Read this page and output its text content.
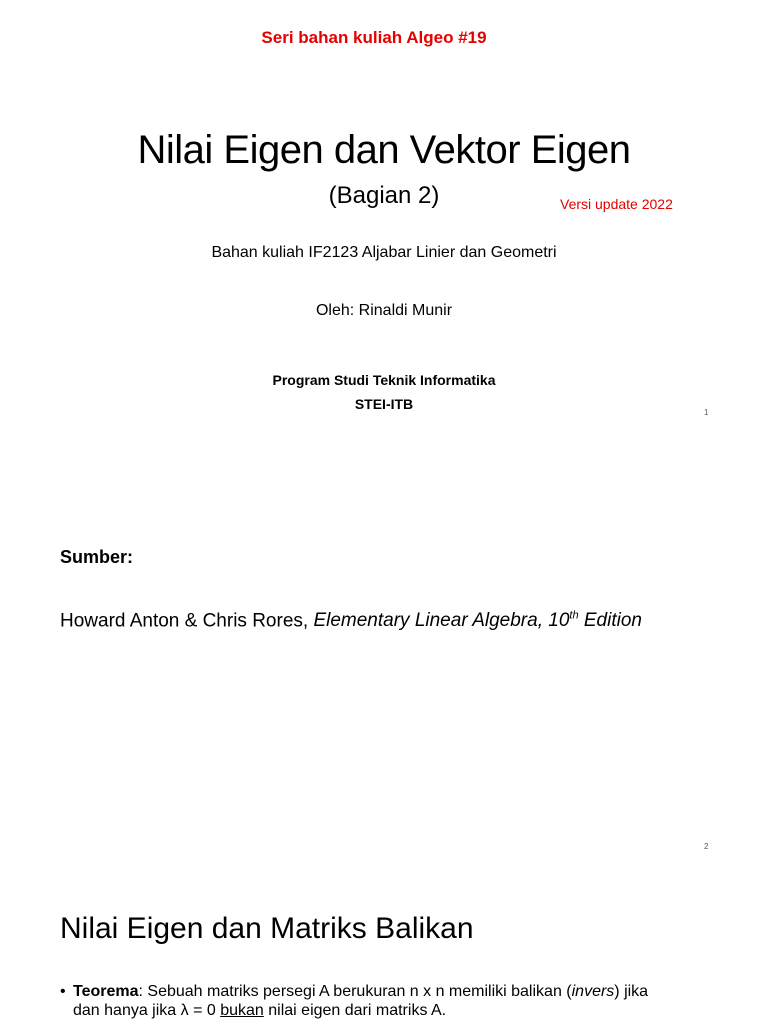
Seri bahan kuliah Algeo #19
Nilai Eigen dan Vektor Eigen
(Bagian 2)	Versi update 2022
Bahan kuliah IF2123 Aljabar Linier dan Geometri
Oleh: Rinaldi Munir
Program Studi Teknik Informatika
STEI-ITB
1
Sumber:
Howard Anton & Chris Rores, Elementary Linear Algebra, 10th Edition
2
Nilai Eigen dan Matriks Balikan
• Teorema: Sebuah matriks persegi A berukuran n x n memiliki balikan (invers) jika
dan hanya jika λ = 0 bukan nilai eigen dari matriks A.
